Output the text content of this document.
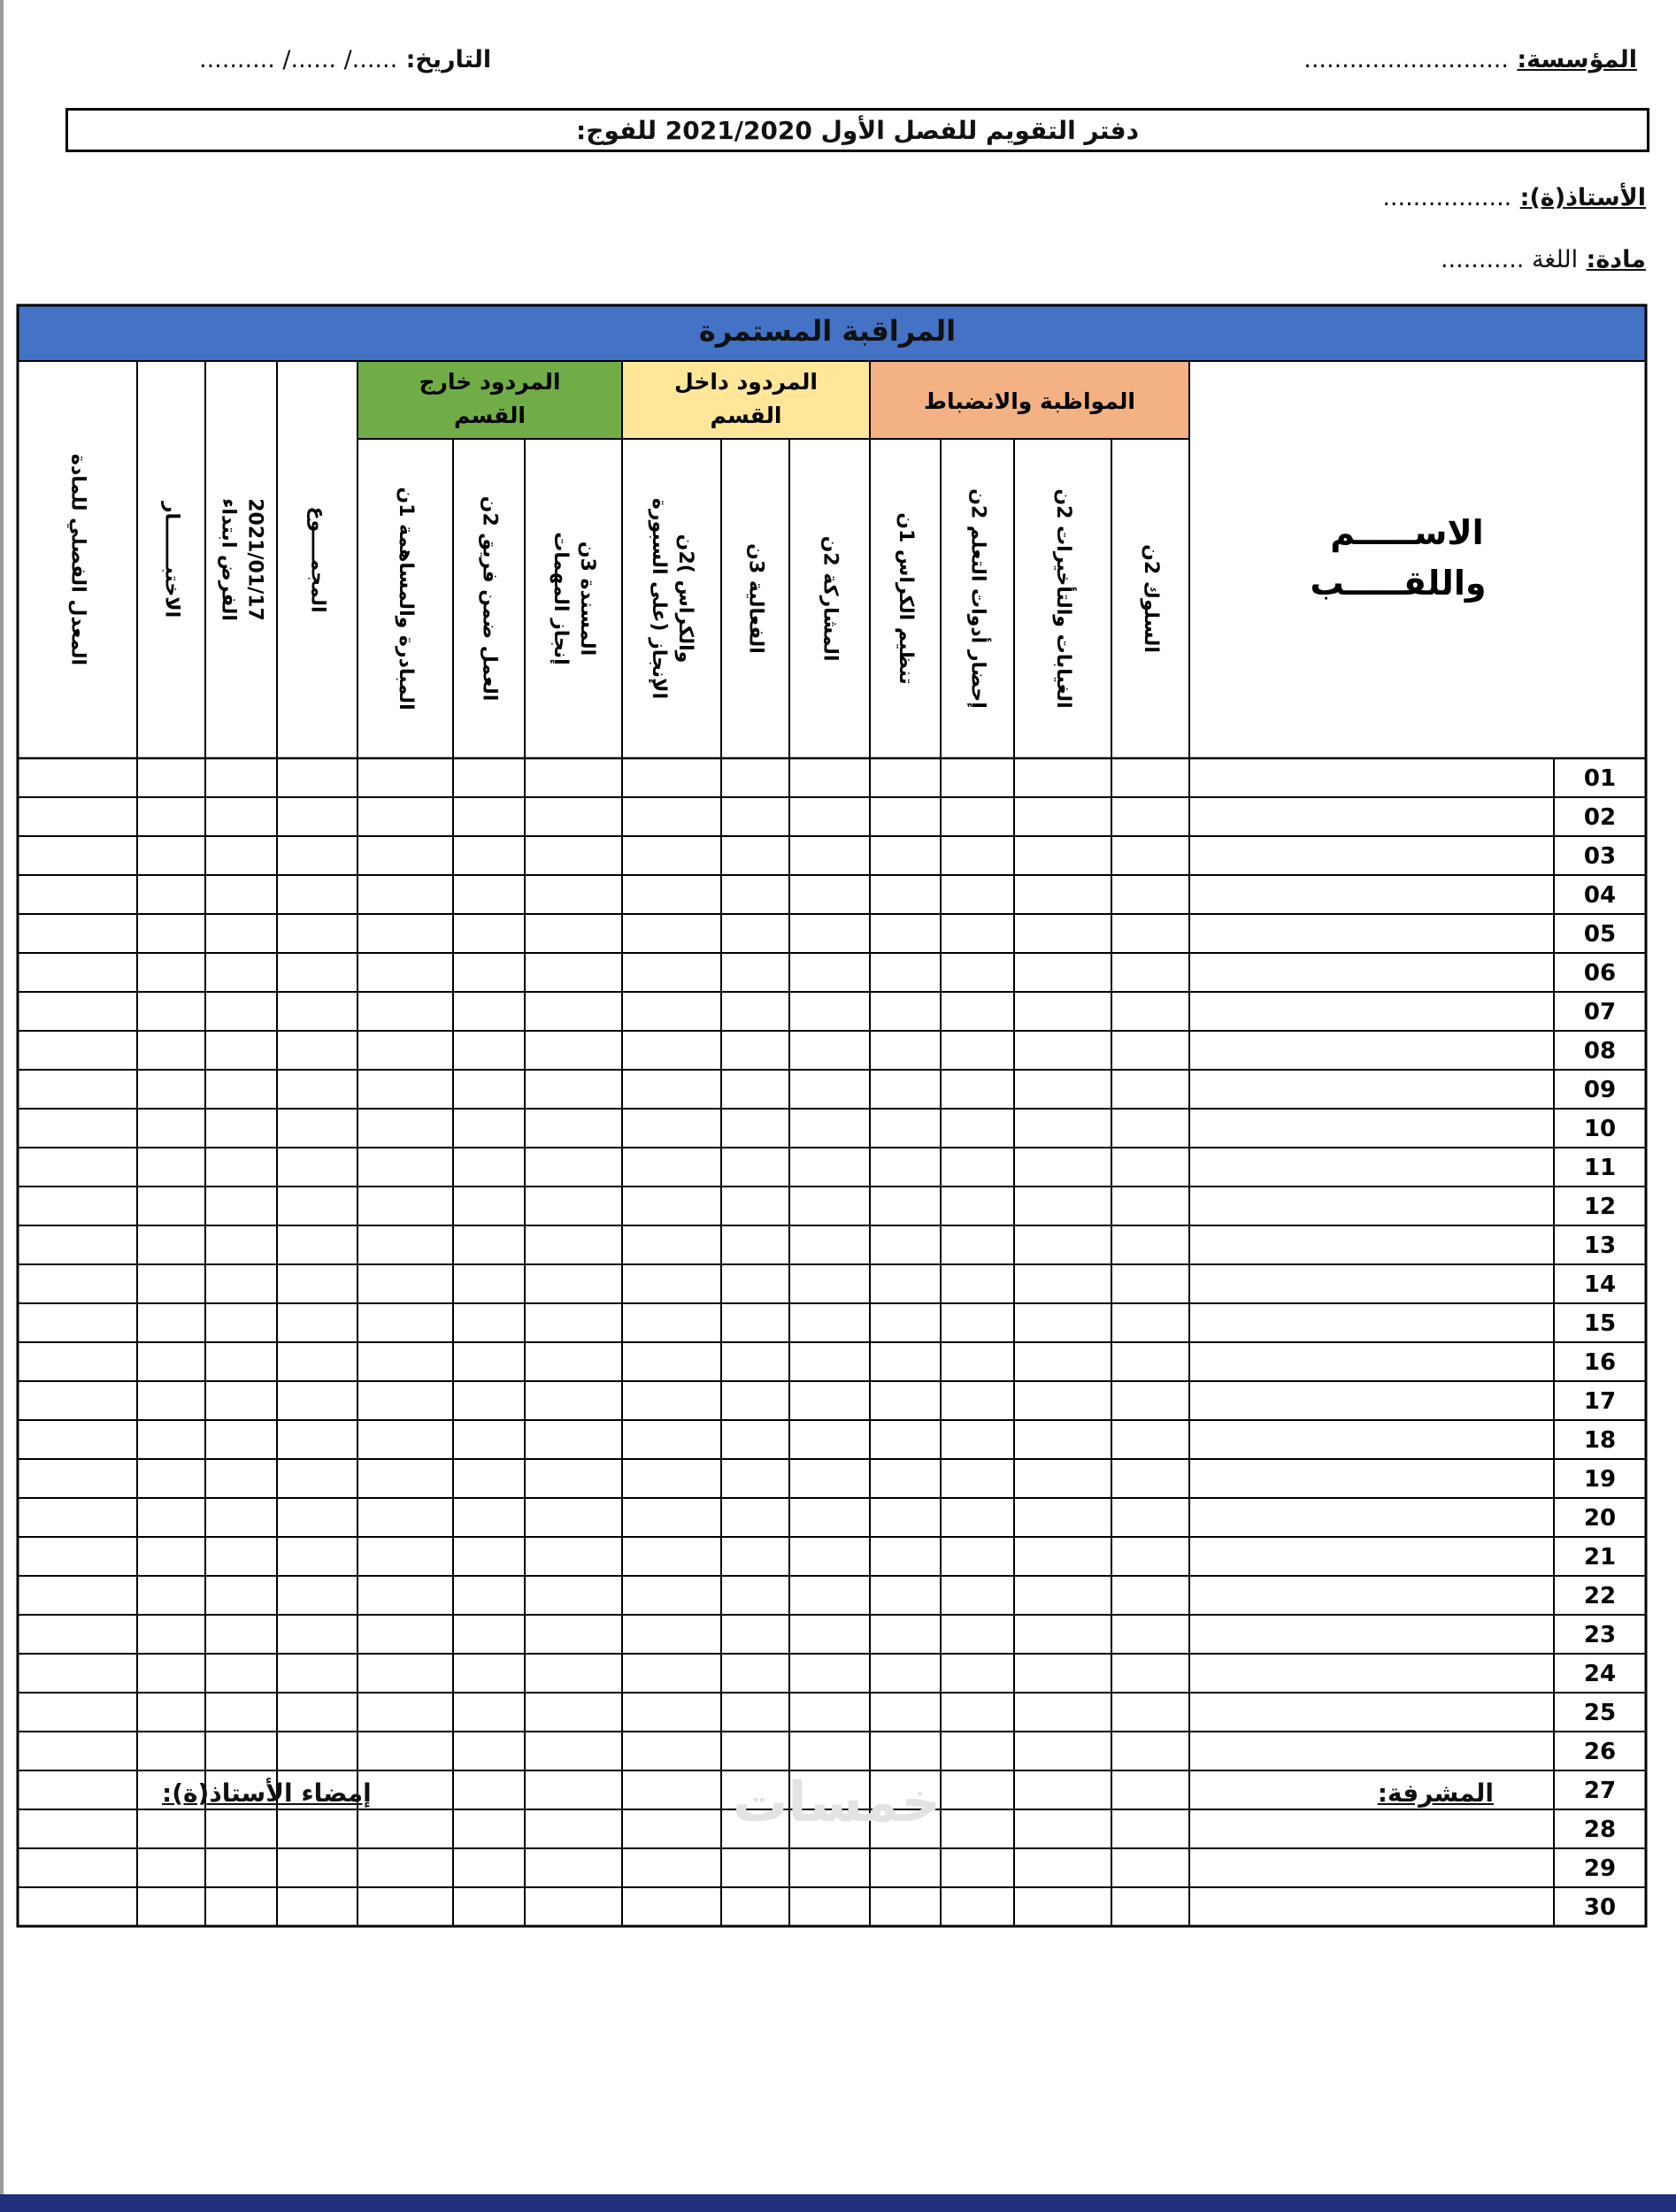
المؤسسة: ...........................
التاريخ: ....../ ....../ ..........
دفتر التقويم للفصل الأول 2021/2020 للفوج:
الأستاذ(ة): .................
مادة: اللغة ...........
المراقبة المستمرة
المواظبة والانضباط
المردود داخل
القسم
المردود خارج
القسم
السلوك 2ن
الغيابات والتأخيرات 2ن
إحضار أدوات التعلم 2ن
تنظيم الكراس 1ن
المشاركة 2ن
الفعالية 3ن
الإنجاز (على السبورة والكراس )2ن
إنجاز المهمات المسندة 3ن
العمل ضمن فريق 2ن
المبادرة والمساهمة 1ن
المجمــــوع
الفرض ابتداء 2021/01/17
الاختبـــــــار
المعدل الفصلي للمادة
01
02
03
04
05
06
07
08
09
10
11
12
13
14
15
16
17
18
19
20
21
22
23
24
25
26
27
28
29
30
الاســـــم
واللقـــــب
المشرفة:
إمضاء الأستاذ(ة):	خمسات
